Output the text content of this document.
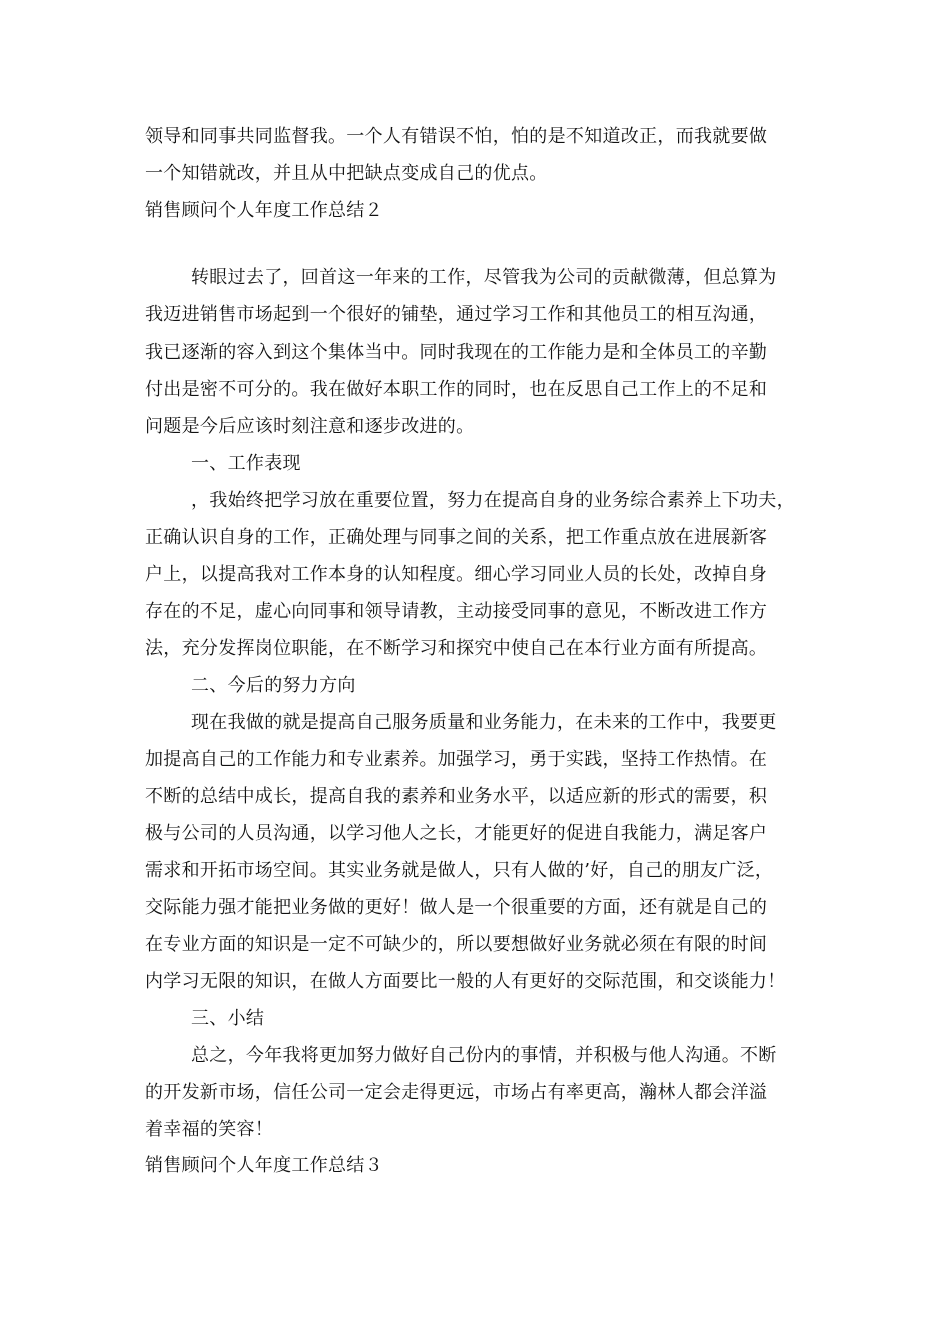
领导和同事共同监督我。一个人有错误不怕，怕的是不知道改正，而我就要做
一个知错就改，并且从中把缺点变成自己的优点。
销售顾问个人年度工作总结２
转眼过去了，回首这一年来的工作，尽管我为公司的贡献微薄，但总算为
我迈进销售市场起到一个很好的铺垫，通过学习工作和其他员工的相互沟通，
我已逐渐的容入到这个集体当中。同时我现在的工作能力是和全体员工的辛勤
付出是密不可分的。我在做好本职工作的同时，也在反思自己工作上的不足和
问题是今后应该时刻注意和逐步改进的。
一、工作表现
，我始终把学习放在重要位置，努力在提高自身的业务综合素养上下功夫，
正确认识自身的工作，正确处理与同事之间的关系，把工作重点放在进展新客
户上，以提高我对工作本身的认知程度。细心学习同业人员的长处，改掉自身
存在的不足，虚心向同事和领导请教，主动接受同事的意见，不断改进工作方
法，充分发挥岗位职能，在不断学习和探究中使自己在本行业方面有所提高。
二、今后的努力方向
现在我做的就是提高自己服务质量和业务能力，在未来的工作中，我要更
加提高自己的工作能力和专业素养。加强学习，勇于实践，坚持工作热情。在
不断的总结中成长，提高自我的素养和业务水平，以适应新的形式的需要，积
极与公司的人员沟通，以学习他人之长，才能更好的促进自我能力，满足客户
需求和开拓市场空间。其实业务就是做人，只有人做的’好，自己的朋友广泛，
交际能力强才能把业务做的更好！做人是一个很重要的方面，还有就是自己的
在专业方面的知识是一定不可缺少的，所以要想做好业务就必须在有限的时间
内学习无限的知识，在做人方面要比一般的人有更好的交际范围，和交谈能力！
三、小结
总之，今年我将更加努力做好自己份内的事情，并积极与他人沟通。不断
的开发新市场，信任公司一定会走得更远，市场占有率更高，瀚林人都会洋溢
着幸福的笑容！
销售顾问个人年度工作总结３
